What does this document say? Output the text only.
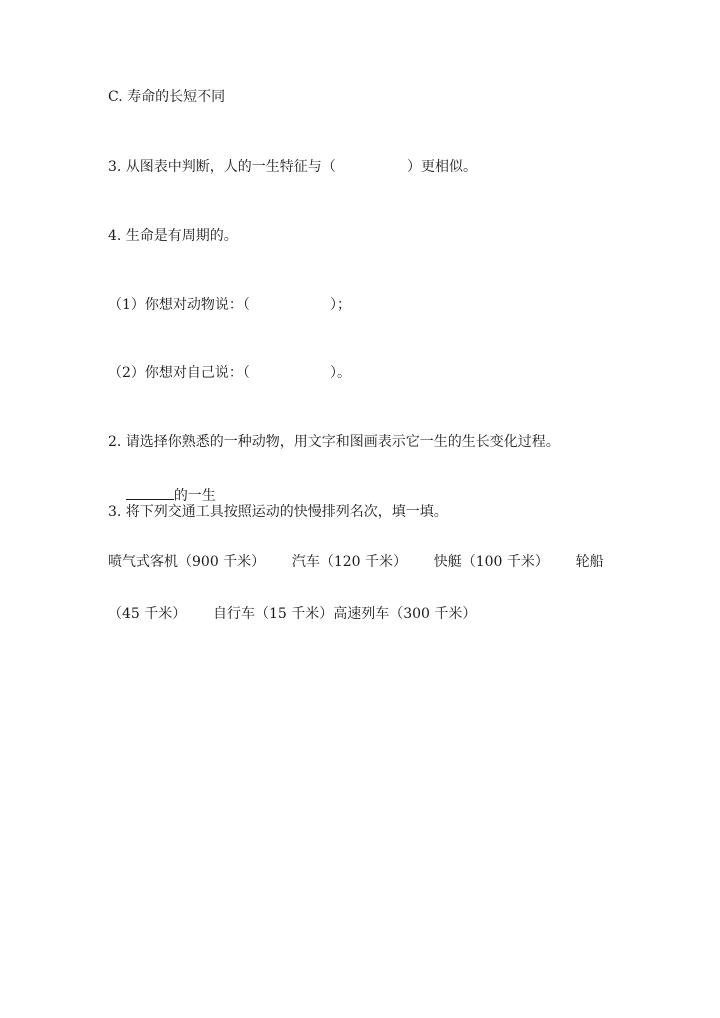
C. 寿命的长短不同
3. 从图表中判断，人的一生特征与（                ）更相似。
4. 生命是有周期的。
（1）你想对动物说：（                  ）；
（2）你想对自己说：（                  ）。
2. 请选择你熟悉的一种动物，用文字和图画表示它一生的生长变化过程。

的一生

3. 将下列交通工具按照运动的快慢排列名次，填一填。
喷气式客机（900 千米）      汽车（120 千米）      快艇（100 千米）      轮船
（45 千米）      自行车（15 千米）高速列车（300 千米）
